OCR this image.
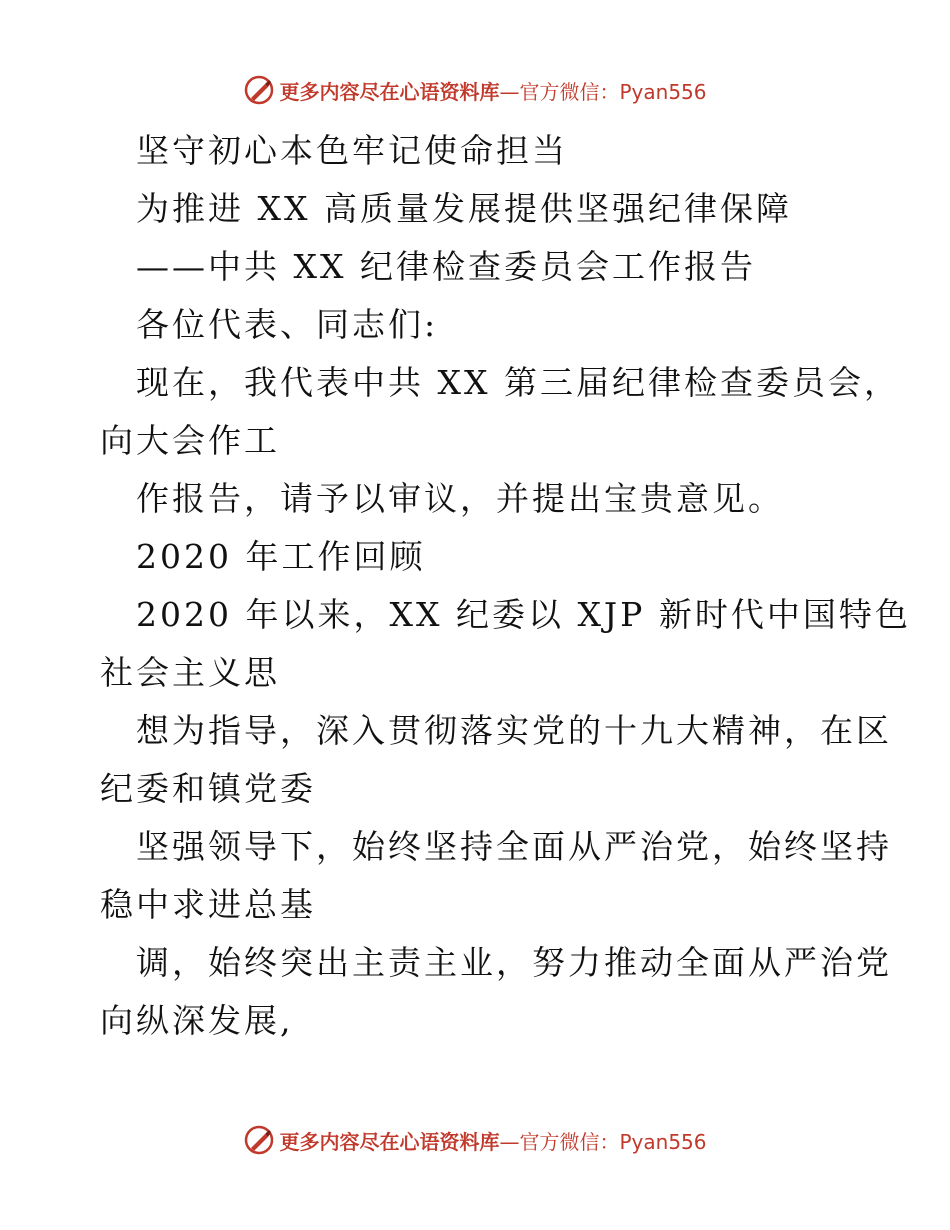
更多内容尽在心语资料库—官方微信：Pyan556
坚守初心本色牢记使命担当
为推进 XX 高质量发展提供坚强纪律保障
——中共 XX 纪律检查委员会工作报告
各位代表、同志们:
现在，我代表中共 XX 第三届纪律检查委员会，
向大会作工
作报告，请予以审议，并提出宝贵意见。
2020 年工作回顾
2020 年以来，XX 纪委以 XJP 新时代中国特色
社会主义思
想为指导，深入贯彻落实党的十九大精神，在区
纪委和镇党委
坚强领导下，始终坚持全面从严治党，始终坚持
稳中求进总基
调，始终突出主责主业，努力推动全面从严治党
向纵深发展,
更多内容尽在心语资料库—官方微信：Pyan556
